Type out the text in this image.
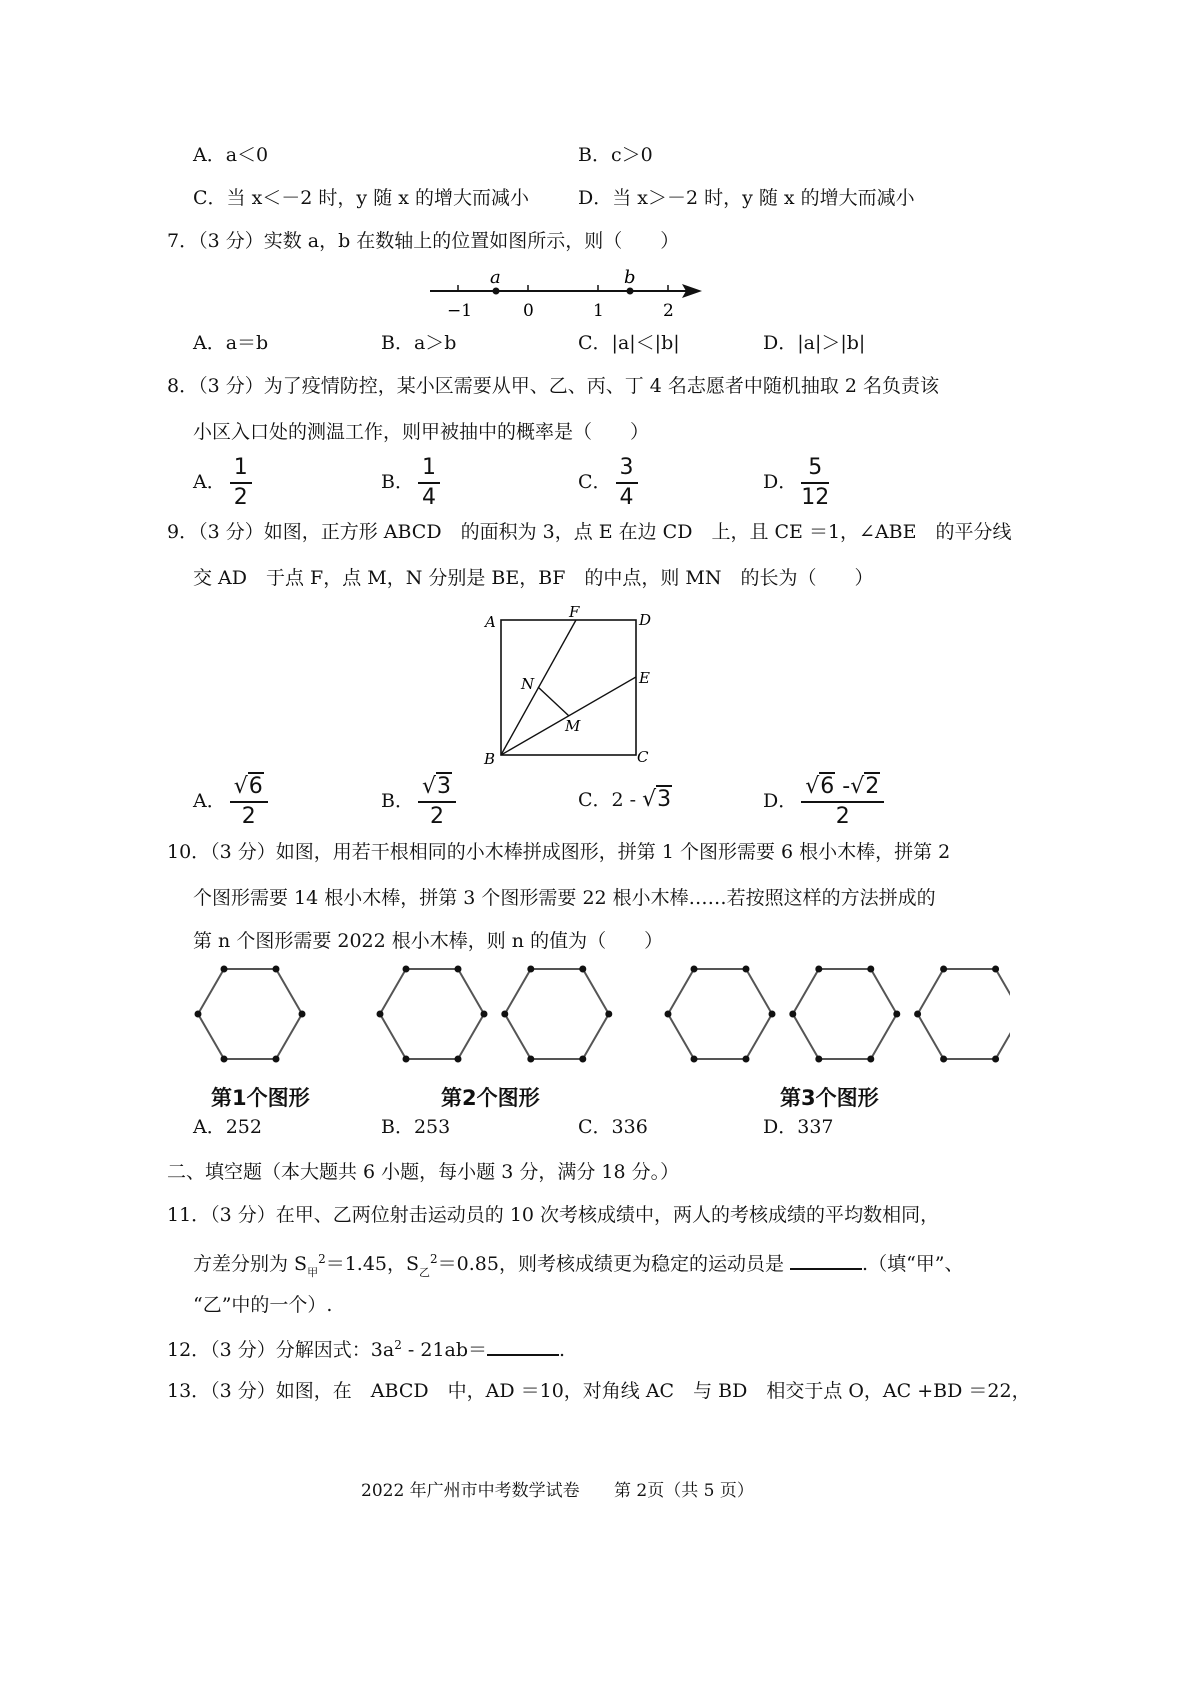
A．a＜0	B．c＞0
C．当 x＜－2 时，y 随 x 的增大而减小	D．当 x＞－2 时，y 随 x 的增大而减小
7．（3 分）实数 a，b 在数轴上的位置如图所示，则（　　）
a	b
−1	0	1	2
A．a＝b	B．a＞b	C．|a|＜|b|	D．|a|＞|b|
8．（3 分）为了疫情防控，某小区需要从甲、乙、丙、丁 4 名志愿者中随机抽取 2 名负责该
小区入口处的测温工作，则甲被抽中的概率是（　　）
A． $\frac{1}{2}$	B． $\frac{1}{4}$	C． $\frac{3}{4}$	D． $\frac{5}{12}$
9．（3 分）如图，正方形 ABCD　的面积为 3，点 E 在边 CD　上，且 CE ＝1，∠ABE　的平分线
交 AD　于点 F，点 M，N 分别是 BE，BF　的中点，则 MN　的长为（　　）
A	D
F
E
N
M
B	C
A． $\frac{√6}{2}$	B． $\frac{√3}{2}$	C．2 - √3	D． $\frac{√6 -√2}{2}$
10．（3 分）如图，用若干根相同的小木棒拼成图形，拼第 1 个图形需要 6 根小木棒，拼第 2
个图形需要 14 根小木棒，拼第 3 个图形需要 22 根小木棒……若按照这样的方法拼成的
第 n 个图形需要 2022 根小木棒，则 n 的值为（　　）
第1个图形	第2个图形	第3个图形
A．252	B．253	C．336	D．337
二、填空题（本大题共 6 小题，每小题 3 分，满分 18 分。）
11．（3 分）在甲、乙两位射击运动员的 10 次考核成绩中，两人的考核成绩的平均数相同，
方差分别为 $S_甲^2=1.45$，$S_乙^2=0.85$，则考核成绩更为稳定的运动员是	.（填“甲”、
“乙”中的一个）.
12．（3 分）分解因式：$3a^2 - 21ab=$	.
13．（3 分）如图，在　ABCD　中，AD ＝10，对角线 AC　与 BD　相交于点 O，AC +BD ＝22，
2022 年广州市中考数学试卷 第 2页（共 5 页）
